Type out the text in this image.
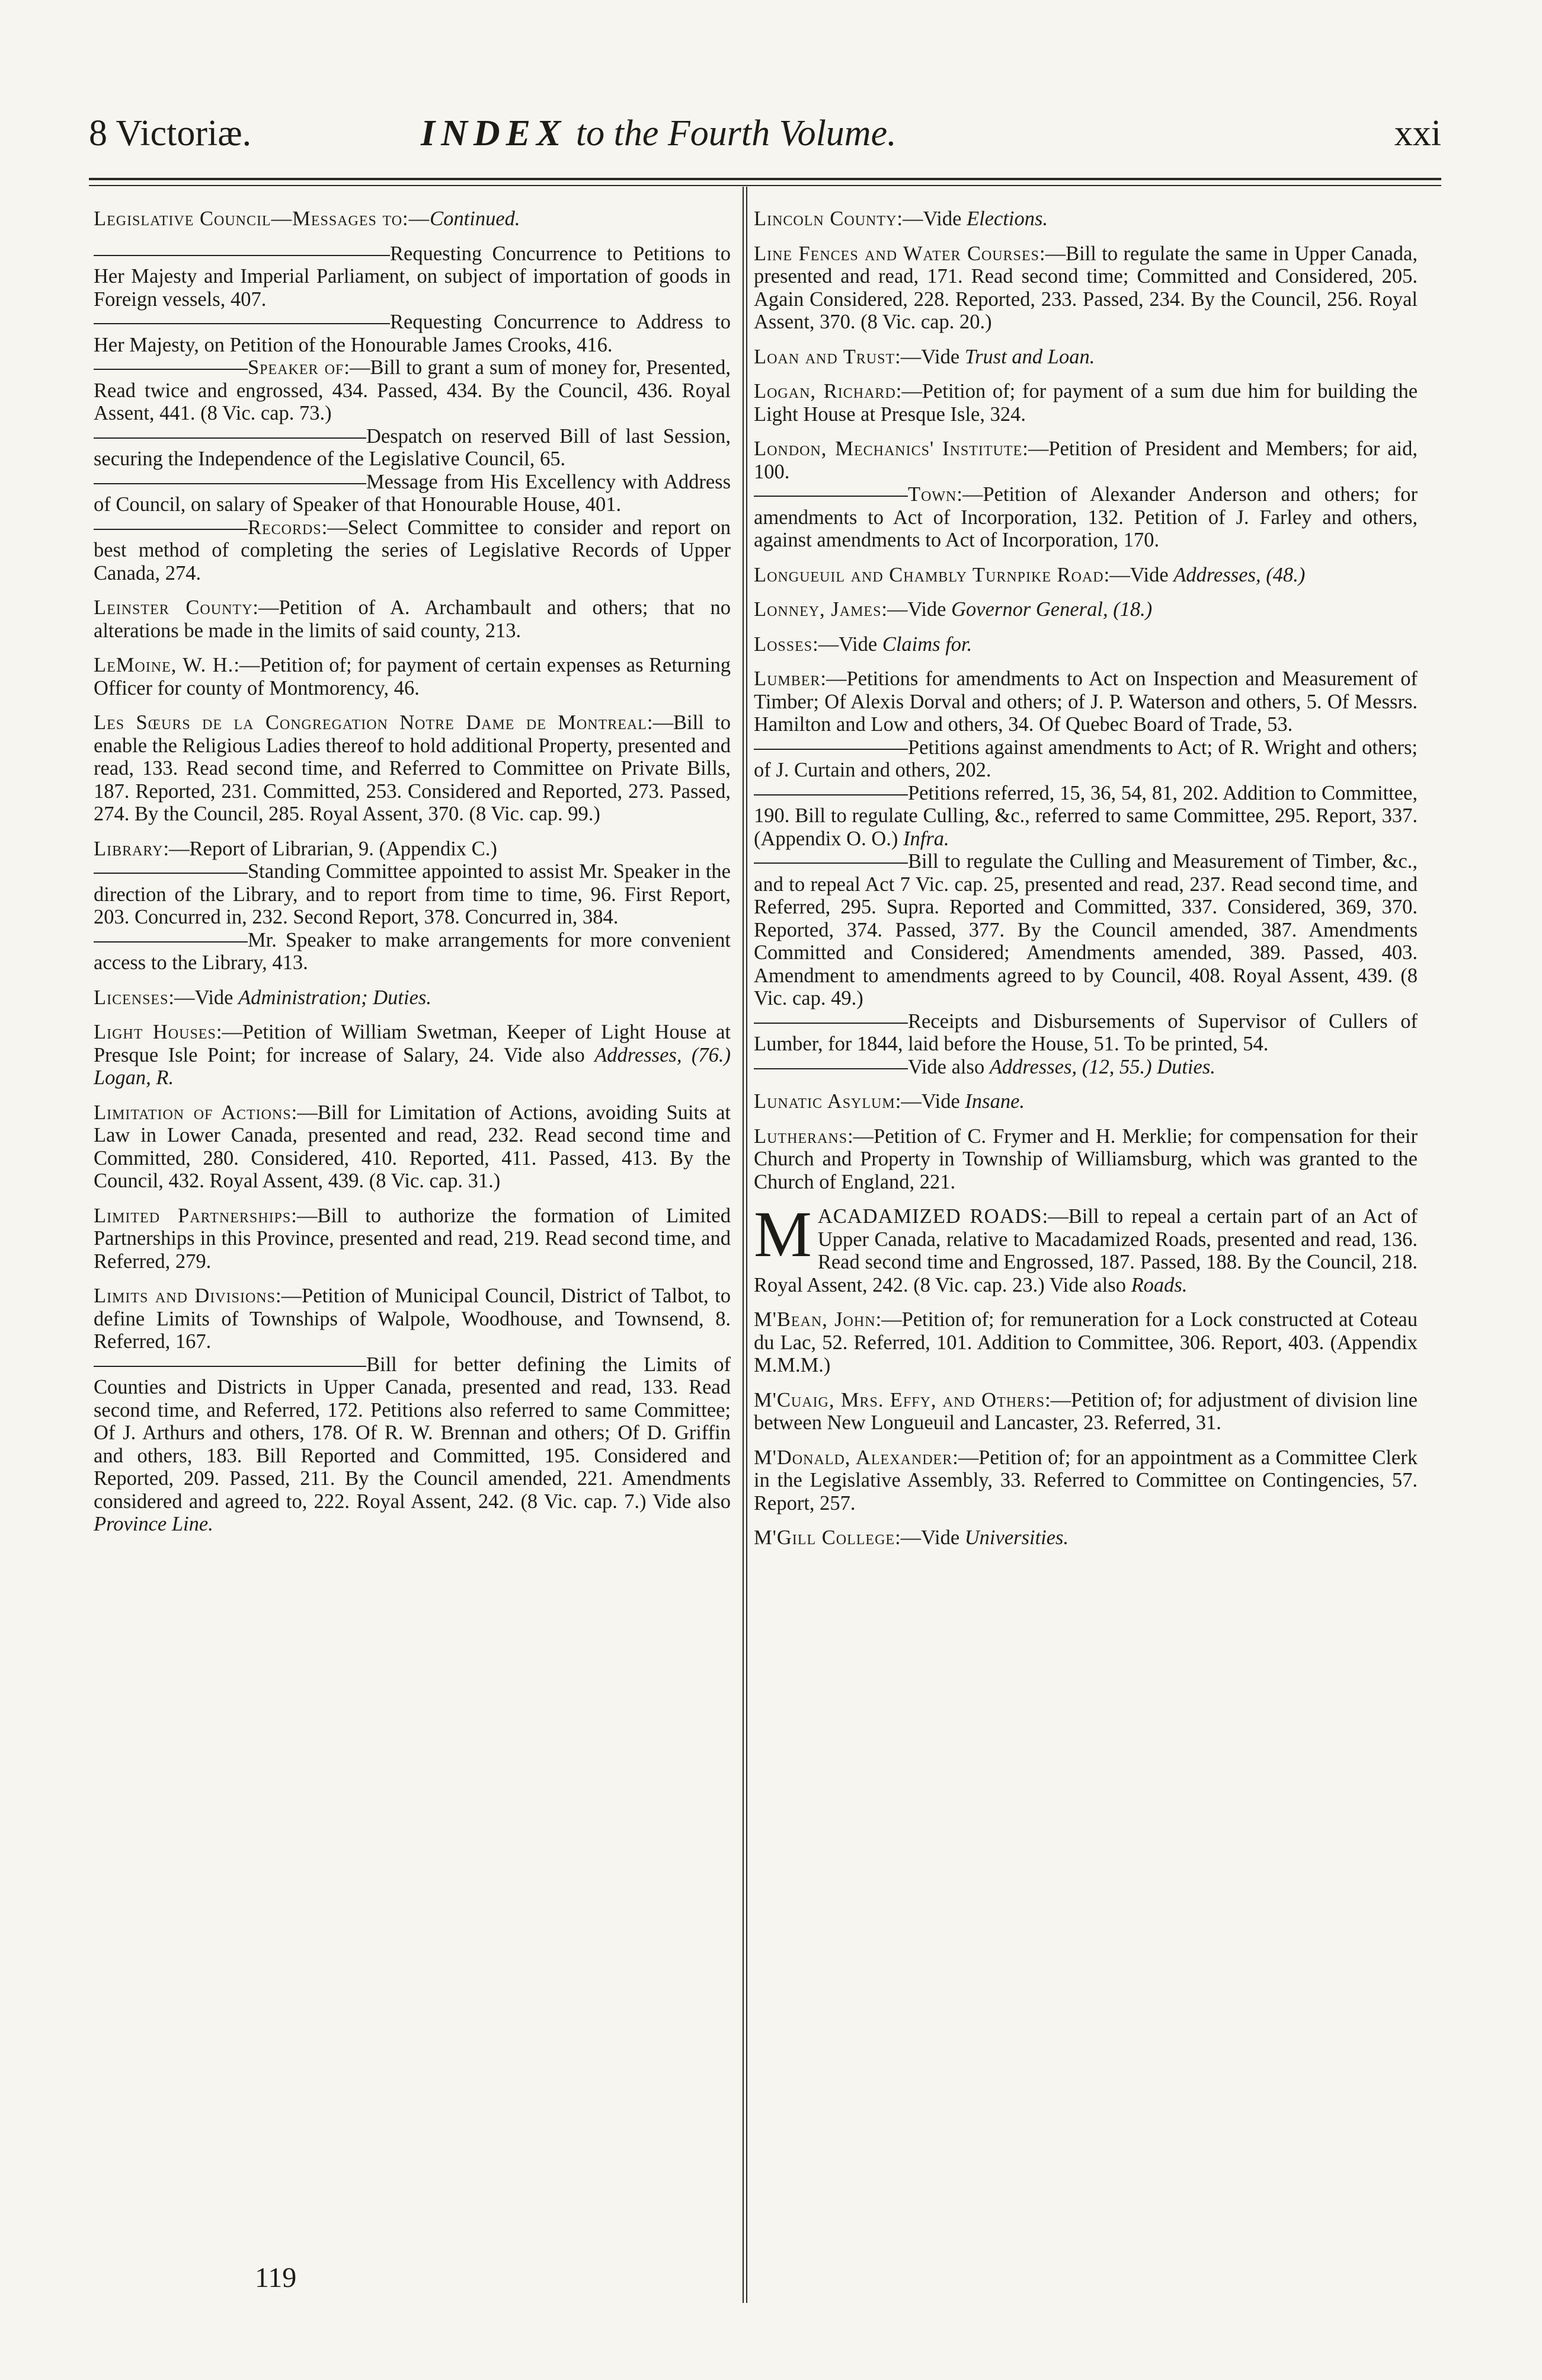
8 Victoriæ.	INDEX to the Fourth Volume.	xxi
Legislative Council—Messages to:—Continued.
Requesting Concurrence to Petitions to Her Majesty and Imperial Parliament, on subject of importation of goods in Foreign vessels, 407.
Requesting Concurrence to Address to Her Majesty, on Petition of the Honourable James Crooks, 416.
Speaker of:—Bill to grant a sum of money for, Presented, Read twice and engrossed, 434. Passed, 434. By the Council, 436. Royal Assent, 441. (8 Vic. cap. 73.)
Despatch on reserved Bill of last Session, securing the Independence of the Legislative Council, 65.
Message from His Excellency with Address of Council, on salary of Speaker of that Honourable House, 401.
Records:—Select Committee to consider and report on best method of completing the series of Legislative Records of Upper Canada, 274.
Leinster County:—Petition of A. Archambault and others; that no alterations be made in the limits of said county, 213.
LeMoine, W. H.:—Petition of; for payment of certain expenses as Returning Officer for county of Montmorency, 46.
Les Sœurs de la Congregation Notre Dame de Montreal:—Bill to enable the Religious Ladies thereof to hold additional Property, presented and read, 133. Read second time, and Referred to Committee on Private Bills, 187. Reported, 231. Committed, 253. Considered and Reported, 273. Passed, 274. By the Council, 285. Royal Assent, 370. (8 Vic. cap. 99.)
Library:—Report of Librarian, 9. (Appendix C.)
Standing Committee appointed to assist Mr. Speaker in the direction of the Library, and to report from time to time, 96. First Report, 203. Concurred in, 232. Second Report, 378. Concurred in, 384.
Mr. Speaker to make arrangements for more convenient access to the Library, 413.
Licenses:—Vide Administration; Duties.
Light Houses:—Petition of William Swetman, Keeper of Light House at Presque Isle Point; for increase of Salary, 24. Vide also Addresses, (76.) Logan, R.
Limitation of Actions:—Bill for Limitation of Actions, avoiding Suits at Law in Lower Canada, presented and read, 232. Read second time and Committed, 280. Considered, 410. Reported, 411. Passed, 413. By the Council, 432. Royal Assent, 439. (8 Vic. cap. 31.)
Limited Partnerships:—Bill to authorize the formation of Limited Partnerships in this Province, presented and read, 219. Read second time, and Referred, 279.
Limits and Divisions:—Petition of Municipal Council, District of Talbot, to define Limits of Townships of Walpole, Woodhouse, and Townsend, 8. Referred, 167.
Bill for better defining the Limits of Counties and Districts in Upper Canada, presented and read, 133. Read second time, and Referred, 172. Petitions also referred to same Committee; Of J. Arthurs and others, 178. Of R. W. Brennan and others; Of D. Griffin and others, 183. Bill Reported and Committed, 195. Considered and Reported, 209. Passed, 211. By the Council amended, 221. Amendments considered and agreed to, 222. Royal Assent, 242. (8 Vic. cap. 7.) Vide also Province Line.
Lincoln County:—Vide Elections.
Line Fences and Water Courses:—Bill to regulate the same in Upper Canada, presented and read, 171. Read second time; Committed and Considered, 205. Again Considered, 228. Reported, 233. Passed, 234. By the Council, 256. Royal Assent, 370. (8 Vic. cap. 20.)
Loan and Trust:—Vide Trust and Loan.
Logan, Richard:—Petition of; for payment of a sum due him for building the Light House at Presque Isle, 324.
London, Mechanics' Institute:—Petition of President and Members; for aid, 100.
Town:—Petition of Alexander Anderson and others; for amendments to Act of Incorporation, 132. Petition of J. Farley and others, against amendments to Act of Incorporation, 170.
Longueuil and Chambly Turnpike Road:—Vide Addresses, (48.)
Lonney, James:—Vide Governor General, (18.)
Losses:—Vide Claims for.
Lumber:—Petitions for amendments to Act on Inspection and Measurement of Timber; Of Alexis Dorval and others; of J. P. Waterson and others, 5. Of Messrs. Hamilton and Low and others, 34. Of Quebec Board of Trade, 53.
Petitions against amendments to Act; of R. Wright and others; of J. Curtain and others, 202.
Petitions referred, 15, 36, 54, 81, 202. Addition to Committee, 190. Bill to regulate Culling, &c., referred to same Committee, 295. Report, 337. (Appendix O. O.) Infra.
Bill to regulate the Culling and Measurement of Timber, &c., and to repeal Act 7 Vic. cap. 25, presented and read, 237. Read second time, and Referred, 295. Supra. Reported and Committed, 337. Considered, 369, 370. Reported, 374. Passed, 377. By the Council amended, 387. Amendments Committed and Considered; Amendments amended, 389. Passed, 403. Amendment to amendments agreed to by Council, 408. Royal Assent, 439. (8 Vic. cap. 49.)
Receipts and Disbursements of Supervisor of Cullers of Lumber, for 1844, laid before the House, 51. To be printed, 54.
Vide also Addresses, (12, 55.) Duties.
Lunatic Asylum:—Vide Insane.
Lutherans:—Petition of C. Frymer and H. Merklie; for compensation for their Church and Property in Township of Williamsburg, which was granted to the Church of England, 221.
MACADAMIZED ROADS:—Bill to repeal a certain part of an Act of Upper Canada, relative to Macadamized Roads, presented and read, 136. Read second time and Engrossed, 187. Passed, 188. By the Council, 218. Royal Assent, 242. (8 Vic. cap. 23.) Vide also Roads.
M'Bean, John:—Petition of; for remuneration for a Lock constructed at Coteau du Lac, 52. Referred, 101. Addition to Committee, 306. Report, 403. (Appendix M.M.M.)
M'Cuaig, Mrs. Effy, and Others:—Petition of; for adjustment of division line between New Longueuil and Lancaster, 23. Referred, 31.
M'Donald, Alexander:—Petition of; for an appointment as a Committee Clerk in the Legislative Assembly, 33. Referred to Committee on Contingencies, 57. Report, 257.
M'Gill College:—Vide Universities.
119
